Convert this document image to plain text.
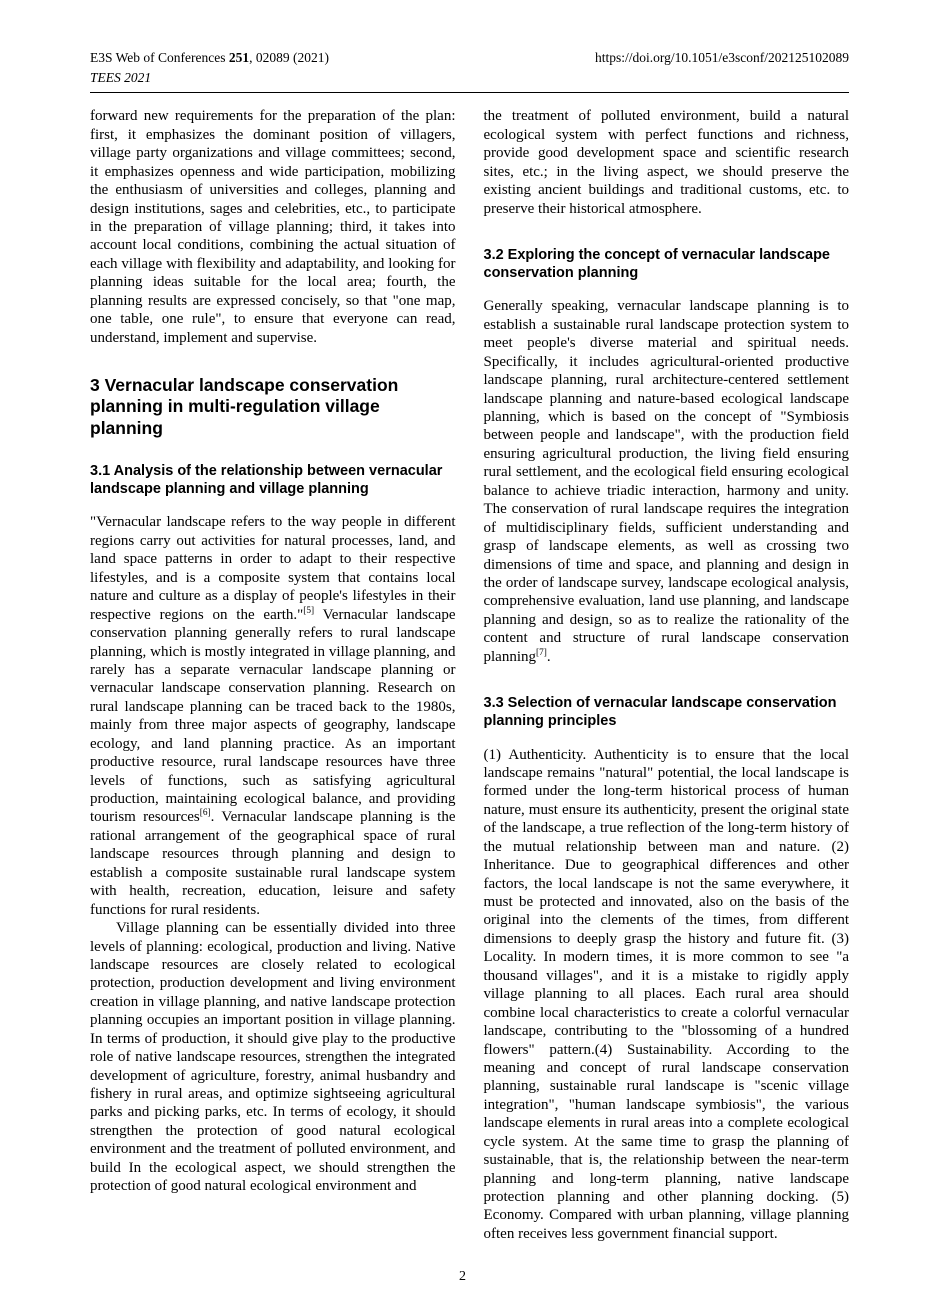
E3S Web of Conferences 251, 02089 (2021)	https://doi.org/10.1051/e3sconf/202125102089
TEES 2021

forward new requirements for the preparation of the plan: first, it emphasizes the dominant position of villagers, village party organizations and village committees; second, it emphasizes openness and wide participation, mobilizing the enthusiasm of universities and colleges, planning and design institutions, sages and celebrities, etc., to participate in the preparation of village planning; third, it takes into account local conditions, combining the actual situation of each village with flexibility and adaptability, and looking for planning ideas suitable for the local area; fourth, the planning results are expressed concisely, so that "one map, one table, one rule", to ensure that everyone can read, understand, implement and supervise.

3 Vernacular landscape conservation planning in multi-regulation village planning
3.1 Analysis of the relationship between vernacular landscape planning and village planning

"Vernacular landscape refers to the way people in different regions carry out activities for natural processes, land, and land space patterns in order to adapt to their respective lifestyles, and is a composite system that contains local nature and culture as a display of people's lifestyles in their respective regions on the earth."[5] Vernacular landscape conservation planning generally refers to rural landscape planning, which is mostly integrated in village planning, and rarely has a separate vernacular landscape planning or vernacular landscape conservation planning. Research on rural landscape planning can be traced back to the 1980s, mainly from three major aspects of geography, landscape ecology, and land planning practice. As an important productive resource, rural landscape resources have three levels of functions, such as satisfying agricultural production, maintaining ecological balance, and providing tourism resources[6]. Vernacular landscape planning is the rational arrangement of the geographical space of rural landscape resources through planning and design to establish a composite sustainable rural landscape system with health, recreation, education, leisure and safety functions for rural residents.

Village planning can be essentially divided into three levels of planning: ecological, production and living. Native landscape resources are closely related to ecological protection, production development and living environment creation in village planning, and native landscape protection planning occupies an important position in village planning. In terms of production, it should give play to the productive role of native landscape resources, strengthen the integrated development of agriculture, forestry, animal husbandry and fishery in rural areas, and optimize sightseeing agricultural parks and picking parks, etc. In terms of ecology, it should strengthen the protection of good natural ecological environment and the treatment of polluted environment, and build In the ecological aspect, we should strengthen the protection of good natural ecological environment and

the treatment of polluted environment, build a natural ecological system with perfect functions and richness, provide good development space and scientific research sites, etc.; in the living aspect, we should preserve the existing ancient buildings and traditional customs, etc. to preserve their historical atmosphere.

3.2 Exploring the concept of vernacular landscape conservation planning

Generally speaking, vernacular landscape planning is to establish a sustainable rural landscape protection system to meet people's diverse material and spiritual needs. Specifically, it includes agricultural-oriented productive landscape planning, rural architecture-centered settlement landscape planning and nature-based ecological landscape planning, which is based on the concept of "Symbiosis between people and landscape", with the production field ensuring agricultural production, the living field ensuring rural settlement, and the ecological field ensuring ecological balance to achieve triadic interaction, harmony and unity. The conservation of rural landscape requires the integration of multidisciplinary fields, sufficient understanding and grasp of landscape elements, as well as crossing two dimensions of time and space, and planning and design in the order of landscape survey, landscape ecological analysis, comprehensive evaluation, land use planning, and landscape planning and design, so as to realize the rationality of the content and structure of rural landscape conservation planning[7].

3.3 Selection of vernacular landscape conservation planning principles

(1) Authenticity. Authenticity is to ensure that the local landscape remains "natural" potential, the local landscape is formed under the long-term historical process of human nature, must ensure its authenticity, present the original state of the landscape, a true reflection of the long-term history of the mutual relationship between man and nature. (2) Inheritance. Due to geographical differences and other factors, the local landscape is not the same everywhere, it must be protected and innovated, also on the basis of the original into the clements of the times, from different dimensions to deeply grasp the history and future fit. (3) Locality. In modern times, it is more common to see "a thousand villages", and it is a mistake to rigidly apply village planning to all places. Each rural area should combine local characteristics to create a colorful vernacular landscape, contributing to the "blossoming of a hundred flowers" pattern.(4) Sustainability. According to the meaning and concept of rural landscape conservation planning, sustainable rural landscape is "scenic village integration", "human landscape symbiosis", the various landscape elements in rural areas into a complete ecological cycle system. At the same time to grasp the planning of sustainable, that is, the relationship between the near-term planning and long-term planning, native landscape protection planning and other planning docking. (5) Economy. Compared with urban planning, village planning often receives less government financial support.

2
